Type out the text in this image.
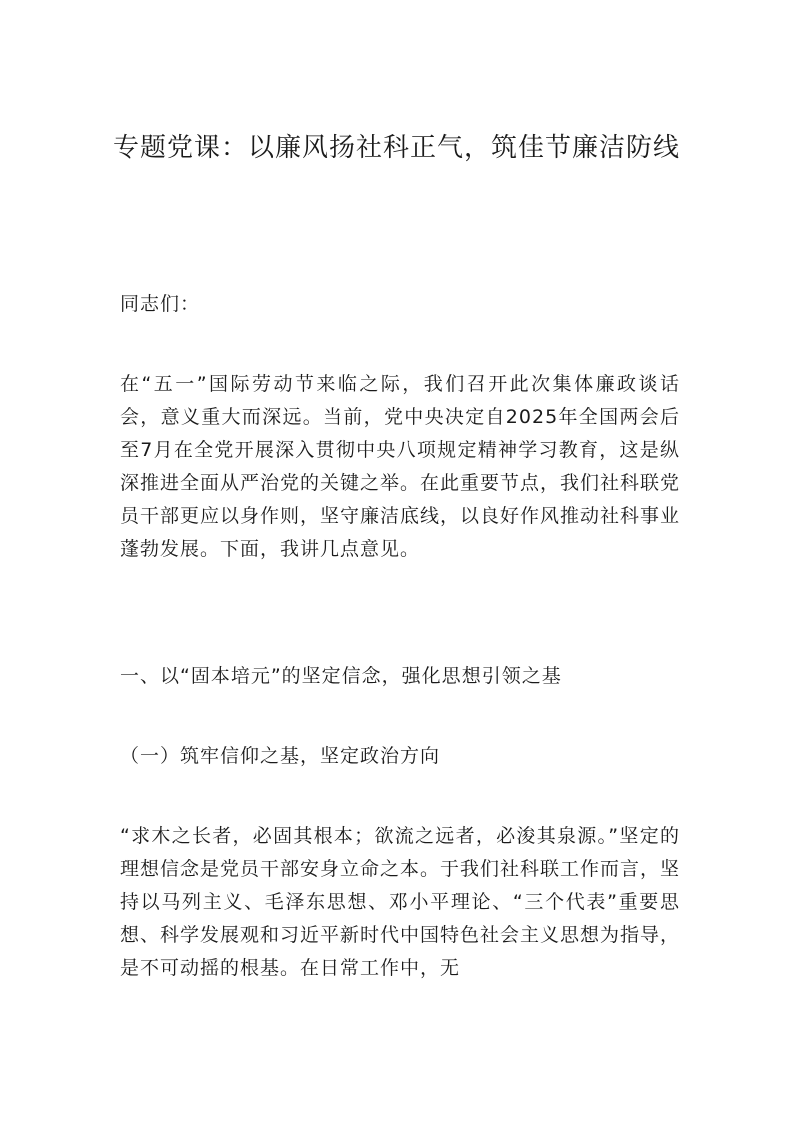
专题党课：以廉风扬社科正气，筑佳节廉洁防线

同志们：

在“五一”国际劳动节来临之际，我们召开此次集体廉政谈话会，意义重大而深远。当前，党中央决定自2025年全国两会后至7月在全党开展深入贯彻中央八项规定精神学习教育，这是纵深推进全面从严治党的关键之举。在此重要节点，我们社科联党员干部更应以身作则，坚守廉洁底线，以良好作风推动社科事业蓬勃发展。下面，我讲几点意见。

一、以“固本培元”的坚定信念，强化思想引领之基

（一）筑牢信仰之基，坚定政治方向

“求木之长者，必固其根本；欲流之远者，必浚其泉源。”坚定的理想信念是党员干部安身立命之本。于我们社科联工作而言，坚持以马列主义、毛泽东思想、邓小平理论、“三个代表”重要思想、科学发展观和习近平新时代中国特色社会主义思想为指导，是不可动摇的根基。在日常工作中，无
